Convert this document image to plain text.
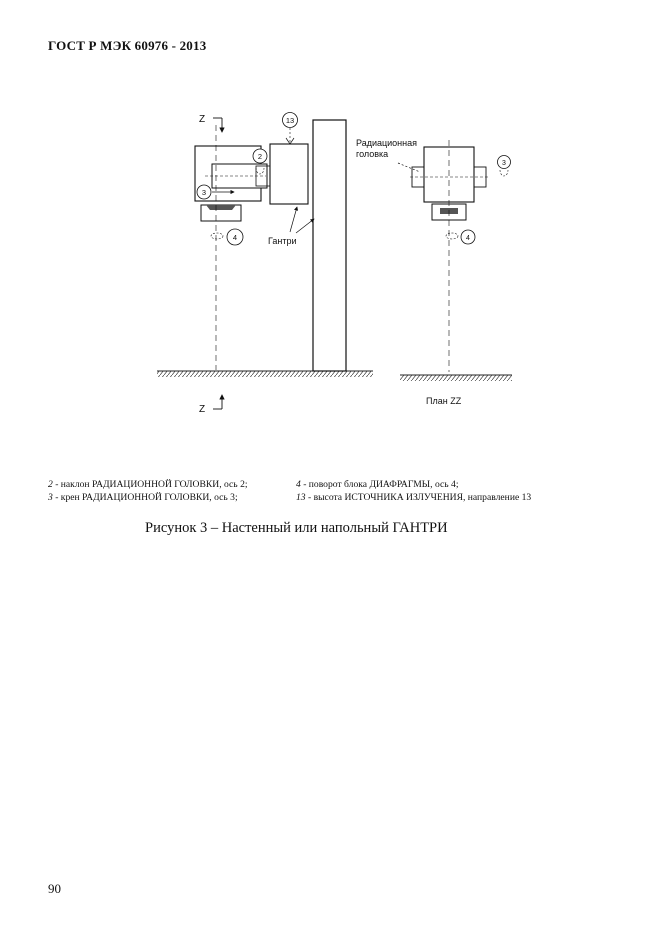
ГОСТ Р МЭК 60976 - 2013
Z
Z
13
2
3
4	Гантри
Радиационная
головка
3
4
План ZZ
2 - наклон РАДИАЦИОННОЙ ГОЛОВКИ, ось 2;	4 - поворот блока ДИАФРАГМЫ, ось 4;
3 - крен РАДИАЦИОННОЙ ГОЛОВКИ, ось 3;	13 - высота ИСТОЧНИКА ИЗЛУЧЕНИЯ, направление 13
Рисунок 3 – Настенный или напольный ГАНТРИ
90
